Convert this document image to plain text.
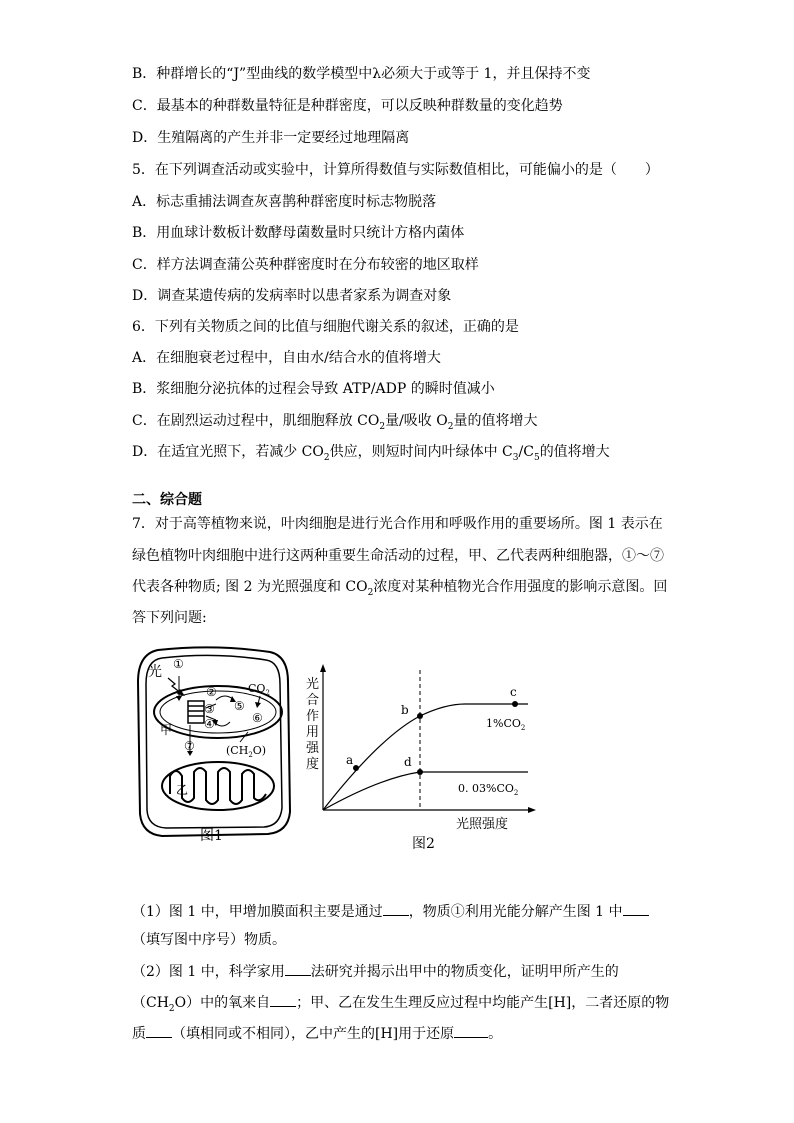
B．种群增长的“J”型曲线的数学模型中λ必须大于或等于 1，并且保持不变
C．最基本的种群数量特征是种群密度，可以反映种群数量的变化趋势
D．生殖隔离的产生并非一定要经过地理隔离
5．在下列调查活动或实验中，计算所得数值与实际数值相比，可能偏小的是（　　）
A．标志重捕法调查灰喜鹊种群密度时标志物脱落
B．用血球计数板计数酵母菌数量时只统计方格内菌体
C．样方法调查蒲公英种群密度时在分布较密的地区取样
D．调查某遗传病的发病率时以患者家系为调查对象
6．下列有关物质之间的比值与细胞代谢关系的叙述，正确的是
A．在细胞衰老过程中，自由水/结合水的值将增大
B．浆细胞分泌抗体的过程会导致 ATP/ADP 的瞬时值减小
C．在剧烈运动过程中，肌细胞释放 $CO_2$量/吸收 $O_2$量的值将增大
D．在适宜光照下，若减少 $CO_2$供应，则短时间内叶绿体中 $C_3/C_5$的值将增大
二、综合题
7．对于高等植物来说，叶肉细胞是进行光合作用和呼吸作用的重要场所。图 1 表示在
绿色植物叶肉细胞中进行这两种重要生命活动的过程，甲、乙代表两种细胞器，①～⑦
代表各种物质; 图 2 为光照强度和 $CO_2$浓度对某种植物光合作用强度的影响示意图。回
答下列问题:
光
甲
乙
①
②
③
④
⑤
⑥
⑦
$CO_2$
$(CH_2O)$
图1
a
b
c
d
$1\%CO_2$
0. $03\%CO_2$
光
合
作
用
强
度
光照强度
图2
（1）图 1 中，甲增加膜面积主要是通过 ，物质①利用光能分解产生图 1 中
（填写图中序号）物质。
（2）图 1 中，科学家用 法研究并揭示出甲中的物质变化，证明甲所产生的
$(CH_2O)$中的氧来自 ；甲、乙在发生生理反应过程中均能产生[H]，二者还原的物
质 （填相同或不相同），乙中产生的[H]用于还原 。
